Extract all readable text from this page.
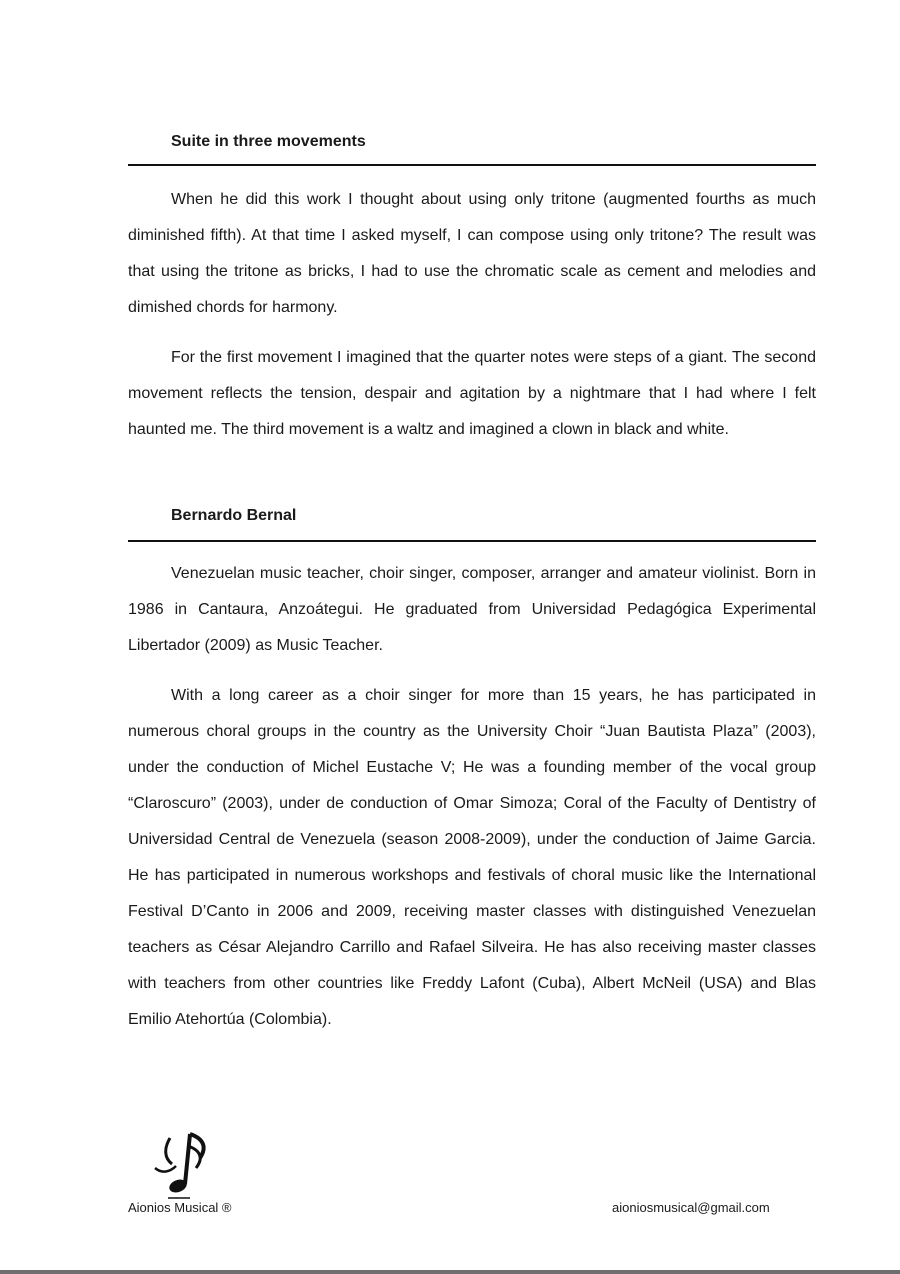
Suite in three movements

When he did this work I thought about using only tritone (augmented fourths as much diminished fifth). At that time I asked myself, I can compose using only tritone? The result was that using the tritone as bricks, I had to use the chromatic scale as cement and melodies and dimished chords for harmony.

For the first movement I imagined that the quarter notes were steps of a giant. The second movement reflects the tension, despair and agitation by a nightmare that I had where I felt haunted me. The third movement is a waltz and imagined a clown in black and white.

Bernardo Bernal

Venezuelan music teacher, choir singer, composer, arranger and amateur violinist. Born in 1986 in Cantaura, Anzoátegui. He graduated from Universidad Pedagógica Experimental Libertador (2009) as Music Teacher.

With a long career as a choir singer for more than 15 years, he has participated in numerous choral groups in the country as the University Choir “Juan Bautista Plaza” (2003), under the conduction of Michel Eustache V; He was a founding member of the vocal group “Claroscuro” (2003), under de conduction of Omar Simoza; Coral of the Faculty of Dentistry of Universidad Central de Venezuela (season 2008-2009), under the conduction of Jaime Garcia. He has participated in numerous workshops and festivals of choral music like the International Festival D’Canto in 2006 and 2009, receiving master classes with distinguished Venezuelan teachers as César Alejandro Carrillo and Rafael Silveira. He has also receiving master classes with teachers from other countries like Freddy Lafont (Cuba), Albert McNeil (USA) and Blas Emilio Atehortúa (Colombia).

Aionios Musical ®	aioniosmusical@gmail.com
